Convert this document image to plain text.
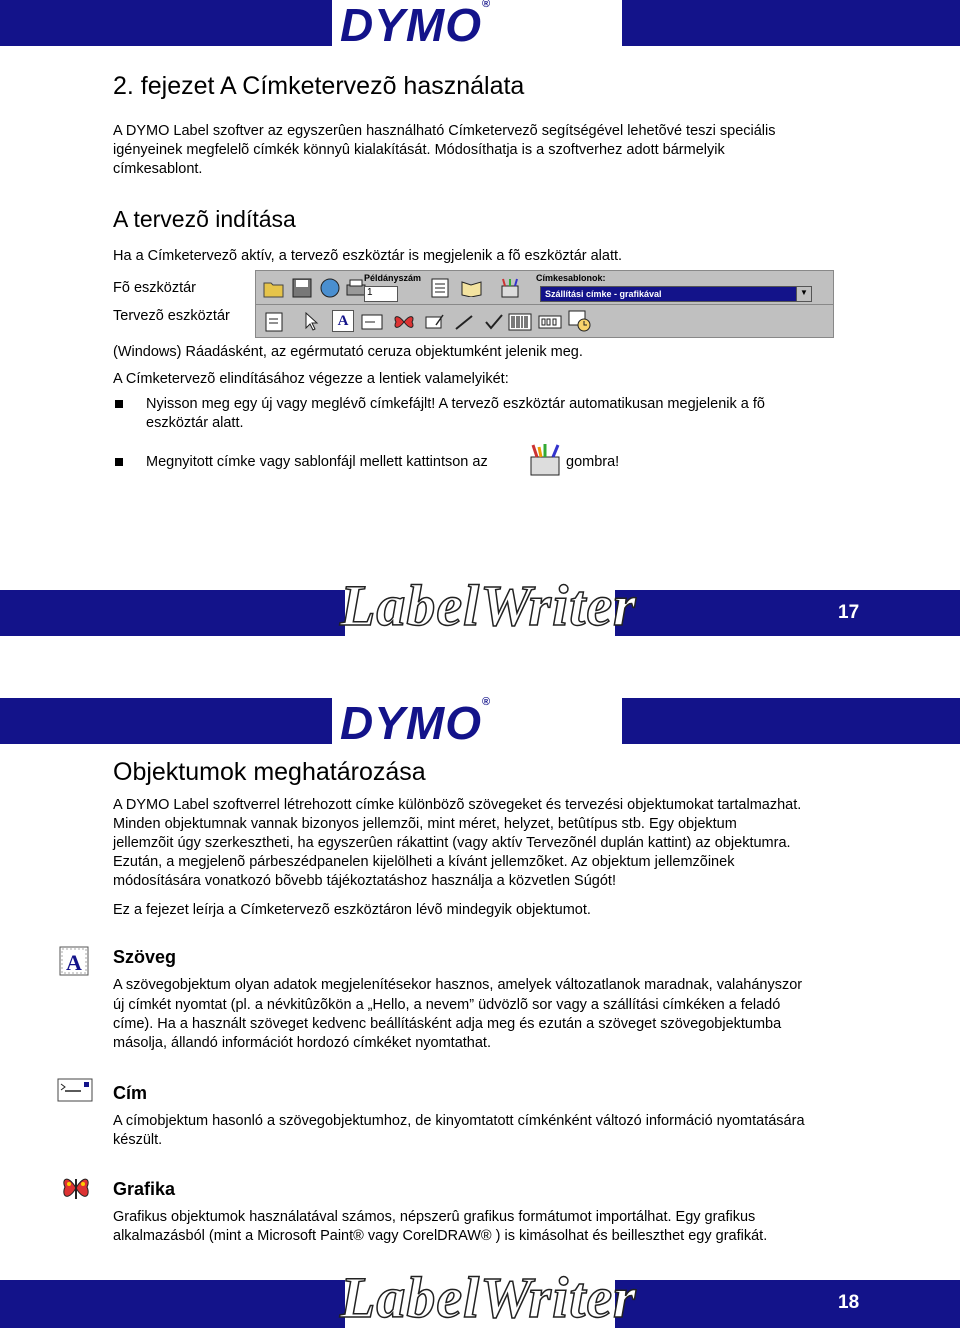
DYMO®
2. fejezet A Címketervezõ használata
A DYMO Label szoftver az egyszerûen használható Címketervezõ segítségével lehetõvé teszi speciális
igényeinek megfelelõ címkék könnyû kialakítását. Módosíthatja is a szoftverhez adott bármelyik
címkesablont.
A tervezõ indítása
Ha a Címketervezõ aktív, a tervezõ eszköztár is megjelenik a fõ eszköztár alatt.
Fõ eszköztár
Tervezõ eszköztár
Példányszám
1
Címkesablonok:
Szállítási címke - grafikával	▼
A
(Windows) Ráadásként, az egérmutató ceruza objektumként jelenik meg.
A Címketervezõ elindításához végezze a lentiek valamelyikét:
Nyisson meg egy új vagy meglévõ címkefájlt! A tervezõ eszköztár automatikusan megjelenik a fõ
eszköztár alatt.
Megnyitott címke vagy sablonfájl mellett kattintson az	gombra!
LabelWriter	17
DYMO®
Objektumok meghatározása
A DYMO Label szoftverrel létrehozott címke különbözõ szövegeket és tervezési objektumokat tartalmazhat.
Minden objektumnak vannak bizonyos jellemzõi, mint méret, helyzet, betûtípus stb. Egy objektum
jellemzõit úgy szerkesztheti, ha egyszerûen rákattint (vagy aktív Tervezõnél duplán kattint) az objektumra.
Ezután, a megjelenõ párbeszédpanelen kijelölheti a kívánt jellemzõket. Az objektum jellemzõinek
módosítására vonatkozó bõvebb tájékoztatáshoz használja a közvetlen Súgót!
Ez a fejezet leírja a Címketervezõ eszköztáron lévõ mindegyik objektumot.
A Szöveg
A szövegobjektum olyan adatok megjelenítésekor hasznos, amelyek változatlanok maradnak, valahányszor
új címkét nyomtat (pl. a névkitûzõkön a „Hello, a nevem” üdvözlõ sor vagy a szállítási címkéken a feladó
címe). Ha a használt szöveget kedvenc beállításként adja meg és ezután a szöveget szövegobjektumba
másolja, állandó információt hordozó címkéket nyomtathat.
Cím
A címobjektum hasonló a szövegobjektumhoz, de kinyomtatott címkénként változó információ nyomtatására
készült.
Grafika
Grafikus objektumok használatával számos, népszerû grafikus formátumot importálhat. Egy grafikus
alkalmazásból (mint a Microsoft Paint® vagy CorelDRAW® ) is kimásolhat és beilleszthet egy grafikát.
LabelWriter	18
